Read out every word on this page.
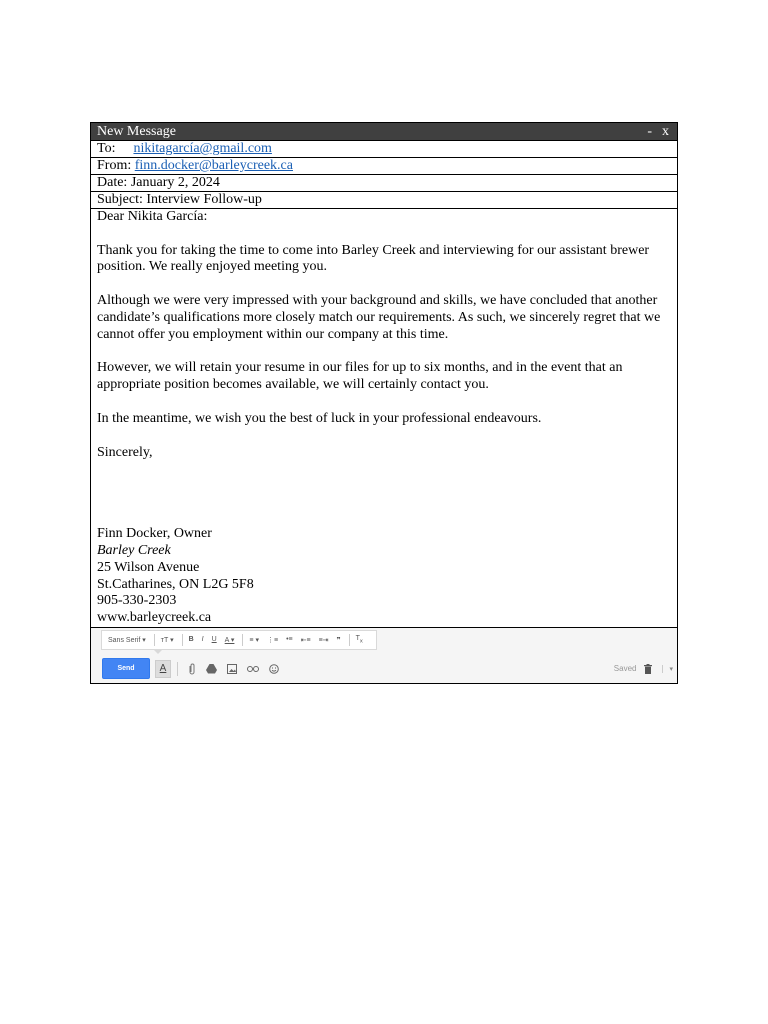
New Message	- x
To: nikitagarcía@gmail.com
From: finn.docker@barleycreek.ca
Date: January 2, 2024
Subject: Interview Follow-up

Dear Nikita García:

Thank you for taking the time to come into Barley Creek and interviewing for our assistant brewer position. We really enjoyed meeting you.

Although we were very impressed with your background and skills, we have concluded that another candidate’s qualifications more closely match our requirements. As such, we sincerely regret that we cannot offer you employment within our company at this time.

However, we will retain your resume in our files for up to six months, and in the event that an appropriate position becomes available, we will certainly contact you.

In the meantime, we wish you the best of luck in your professional endeavours.

Sincerely,

Finn Docker, Owner
Barley Creek
25 Wilson Avenue
St.Catharines, ON L2G 5F8
905-330-2303
www.barleycreek.ca
Sans Serif ▾ тT ▾ B I U A ▾ ≡ ▾ ⋮≡ •≡ ⇤≡ ≡⇥ ❞ $T_x$
Send	A	Saved	▾
